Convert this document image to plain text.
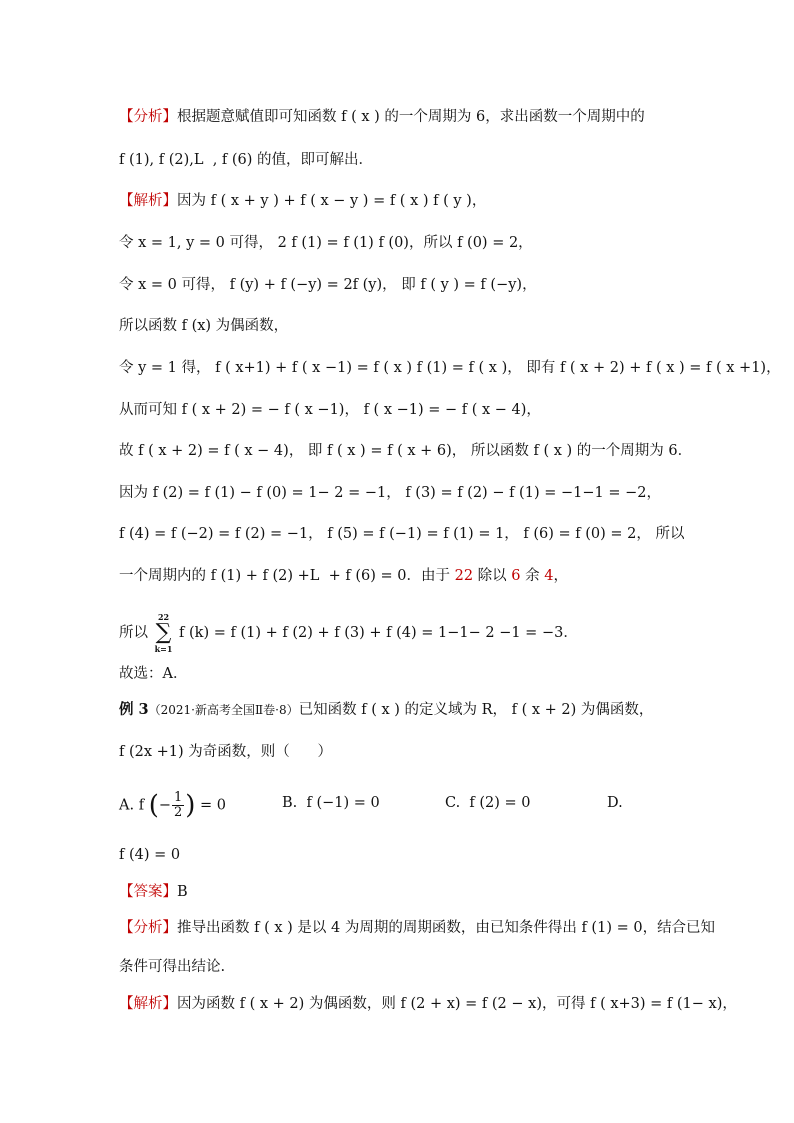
【分析】根据题意赋值即可知函数 f ( x ) 的一个周期为 6，求出函数一个周期中的
f (1), f (2),L  , f (6) 的值，即可解出．
【解析】因为 f ( x + y ) + f ( x − y ) = f ( x ) f ( y )，
令 x = 1, y = 0 可得， 2 f (1) = f (1) f (0)，所以 f (0) = 2，
令 x = 0 可得， f (y) + f (−y) = 2f (y)， 即 f ( y ) = f (−y)，
所以函数 f (x) 为偶函数，
令 y = 1 得， f ( x+1) + f ( x −1) = f ( x ) f (1) = f ( x )， 即有 f ( x + 2) + f ( x ) = f ( x +1)，
从而可知 f ( x + 2) = − f ( x −1)， f ( x −1) = − f ( x − 4)，
故 f ( x + 2) = f ( x − 4)， 即 f ( x ) = f ( x + 6)， 所以函数 f ( x ) 的一个周期为 6．
因为 f (2) = f (1) − f (0) = 1− 2 = −1， f (3) = f (2) − f (1) = −1−1 = −2，
f (4) = f (−2) = f (2) = −1， f (5) = f (−1) = f (1) = 1， f (6) = f (0) = 2， 所以
一个周期内的 f (1) + f (2) +L  + f (6) = 0．由于 22 除以 6 余 4，
所以
22
∑
k=1
f (k) = f (1) + f (2) + f (3) + f (4) = 1−1− 2 −1 = −3．
故选：A．
例 3（2021·新高考全国Ⅱ卷·8）已知函数 f ( x ) 的定义域为 R， f ( x + 2) 为偶函数，
f (2x +1) 为奇函数，则（      ）
A. f (− $\frac{1}{2}$ ) = 0	B.  f (−1) = 0	C.  f (2) = 0	D.
f (4) = 0
【答案】B
【分析】推导出函数 f ( x ) 是以 4 为周期的周期函数，由已知条件得出 f (1) = 0，结合已知
条件可得出结论.
【解析】因为函数 f ( x + 2) 为偶函数，则 f (2 + x) = f (2 − x)，可得 f ( x+3) = f (1− x)，
